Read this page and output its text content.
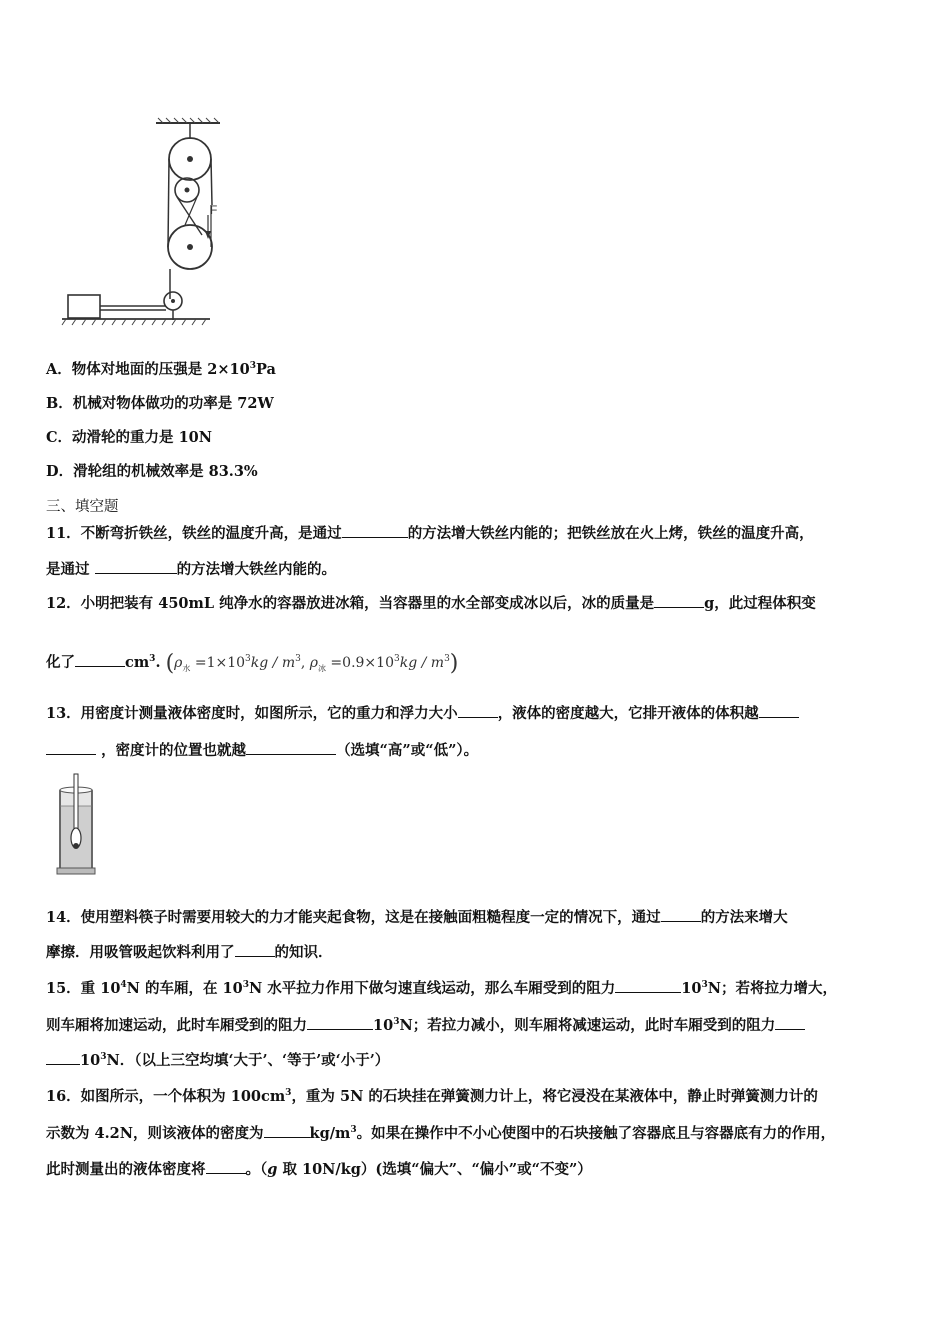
F
A．物体对地面的压强是 $2\times 10^3Pa$
B．机械对物体做功的功率是 72W
C．动滑轮的重力是 10N
D．滑轮组的机械效率是 83.3%
三、填空题
11．不断弯折铁丝，铁丝的温度升高，是通过	的方法增大铁丝内能的；把铁丝放在火上烤，铁丝的温度升高，
是通过	的方法增大铁丝内能的。
12．小明把装有 450mL 纯净水的容器放进冰箱，当容器里的水全部变成冰以后，冰的质量是	g，此过程体积变
化了	$cm^3$. ($\rho_水 =1\times 10^3kg / m^3$, $\rho_冰 =0.9\times 10^3kg / m^3$)
13．用密度计测量液体密度时，如图所示，它的重力和浮力大小	，液体的密度越大，它排开液体的体积越
，密度计的位置也就越	（选填“高”或“低”）。
14．使用塑料筷子时需要用较大的力才能夹起食物，这是在接触面粗糙程度一定的情况下，通过	的方法来增大
摩擦．用吸管吸起饮料利用了	的知识．
15．重 $10^4N$ 的车厢，在 $10^3N$ 水平拉力作用下做匀速直线运动，那么车厢受到的阻力	$10^3N$；若将拉力增大，
则车厢将加速运动，此时车厢受到的阻力	$10^3N$；若拉力减小，则车厢将减速运动，此时车厢受到的阻力
$10^3N$．（以上三空均填‘大于’、‘等于’或‘小于’）
16．如图所示，一个体积为 $100cm^3$，重为 5N 的石块挂在弹簧测力计上，将它浸没在某液体中，静止时弹簧测力计的
示数为 4.2N，则该液体的密度为	$kg/m^3$。如果在操作中不小心使图中的石块接触了容器底且与容器底有力的作用，
此时测量出的液体密度将	。（g 取 10N/kg）(选填“偏大”、“偏小”或“不变”）
